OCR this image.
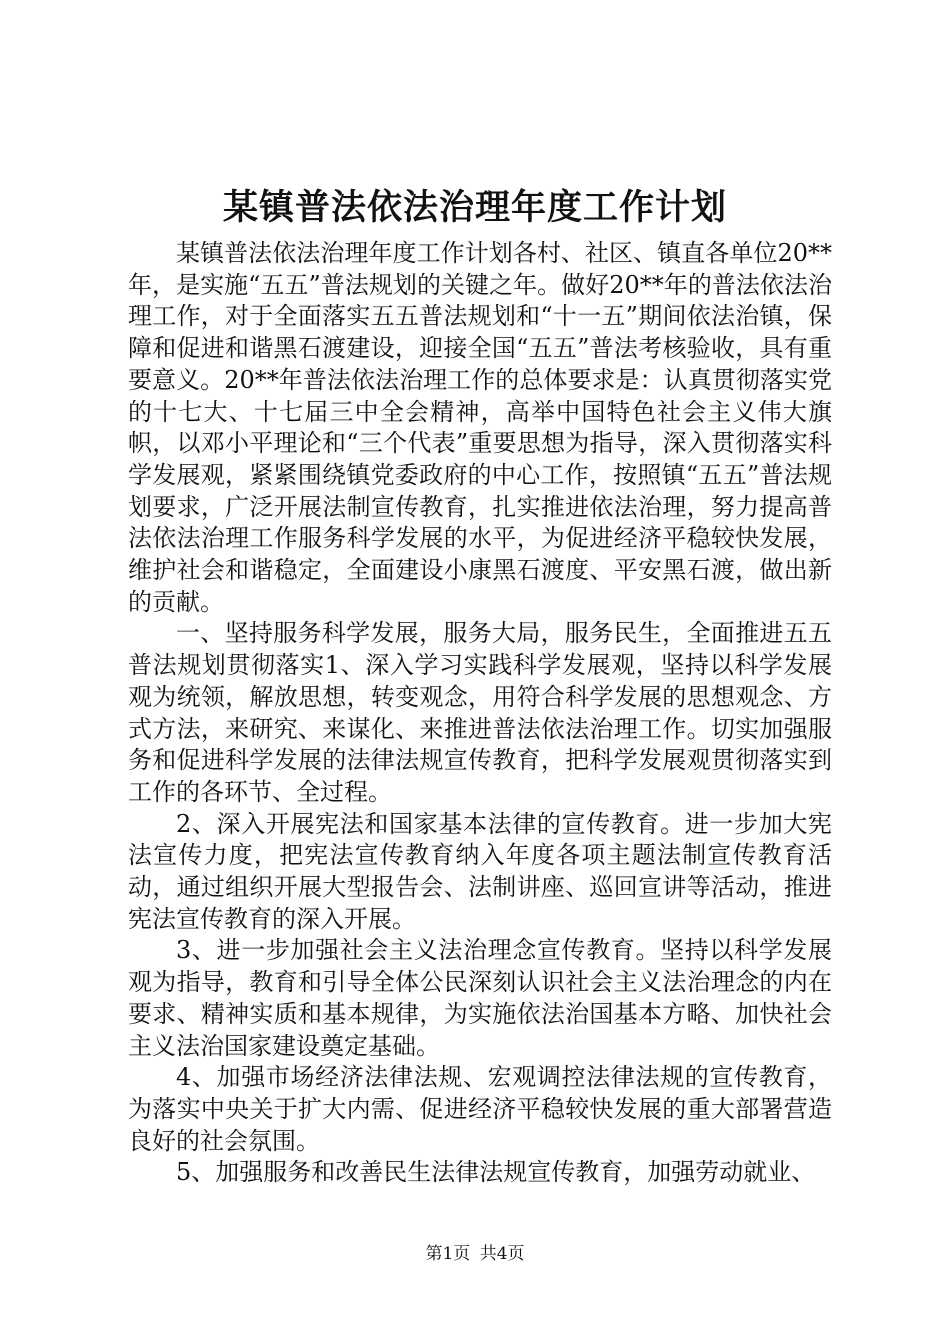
某镇普法依法治理年度工作计划

某镇普法依法治理年度工作计划各村、社区、镇直各单位20**年，是实施“五五”普法规划的关键之年。做好20**年的普法依法治理工作，对于全面落实五五普法规划和“十一五”期间依法治镇，保障和促进和谐黑石渡建设，迎接全国“五五”普法考核验收，具有重要意义。20**年普法依法治理工作的总体要求是：认真贯彻落实党的十七大、十七届三中全会精神，高举中国特色社会主义伟大旗帜，以邓小平理论和“三个代表”重要思想为指导，深入贯彻落实科学发展观，紧紧围绕镇党委政府的中心工作，按照镇“五五”普法规划要求，广泛开展法制宣传教育，扎实推进依法治理，努力提高普法依法治理工作服务科学发展的水平，为促进经济平稳较快发展，维护社会和谐稳定，全面建设小康黑石渡度、平安黑石渡，做出新的贡献。

一、坚持服务科学发展，服务大局，服务民生，全面推进五五普法规划贯彻落实1、深入学习实践科学发展观，坚持以科学发展观为统领，解放思想，转变观念，用符合科学发展的思想观念、方式方法，来研究、来谋化、来推进普法依法治理工作。切实加强服务和促进科学发展的法律法规宣传教育，把科学发展观贯彻落实到工作的各环节、全过程。

2、深入开展宪法和国家基本法律的宣传教育。进一步加大宪法宣传力度，把宪法宣传教育纳入年度各项主题法制宣传教育活动，通过组织开展大型报告会、法制讲座、巡回宣讲等活动，推进宪法宣传教育的深入开展。

3、进一步加强社会主义法治理念宣传教育。坚持以科学发展观为指导，教育和引导全体公民深刻认识社会主义法治理念的内在要求、精神实质和基本规律，为实施依法治国基本方略、加快社会主义法治国家建设奠定基础。

4、加强市场经济法律法规、宏观调控法律法规的宣传教育，为落实中央关于扩大内需、促进经济平稳较快发展的重大部署营造良好的社会氛围。

5、加强服务和改善民生法律法规宣传教育，加强劳动就业、

第1页 共4页
